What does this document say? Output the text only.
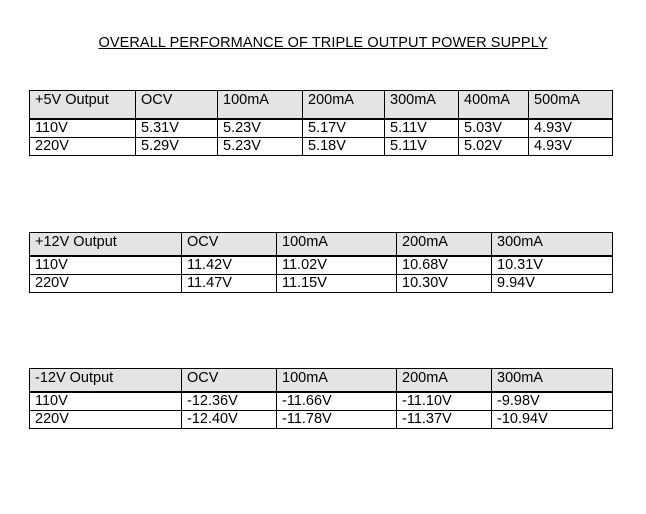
OVERALL PERFORMANCE OF TRIPLE OUTPUT POWER SUPPLY
+5V Output	OCV	100mA	200mA	300mA	400mA	500mA
110V	5.31V	5.23V	5.17V	5.11V	5.03V	4.93V
220V	5.29V	5.23V	5.18V	5.11V	5.02V	4.93V
+12V Output	OCV	100mA	200mA	300mA
110V	11.42V	11.02V	10.68V	10.31V
220V	11.47V	11.15V	10.30V	9.94V
-12V Output	OCV	100mA	200mA	300mA
110V	-12.36V	-11.66V	-11.10V	-9.98V
220V	-12.40V	-11.78V	-11.37V	-10.94V
